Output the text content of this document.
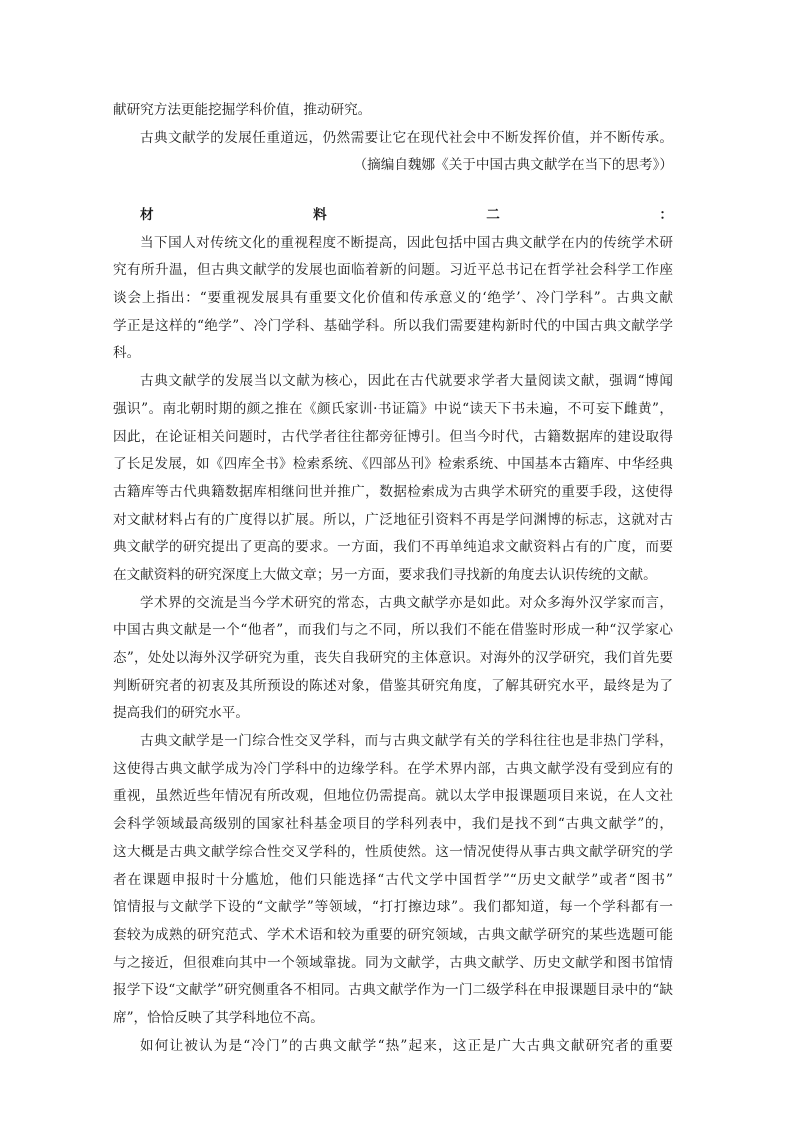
献研究方法更能挖掘学科价值，推动研究。
古典文献学的发展任重道远，仍然需要让它在现代社会中不断发挥价值，并不断传承。
（摘编自魏娜《关于中国古典文献学在当下的思考》）
材料二：
当下国人对传统文化的重视程度不断提高，因此包括中国古典文献学在内的传统学术研
究有所升温，但古典文献学的发展也面临着新的问题。习近平总书记在哲学社会科学工作座
谈会上指出：“要重视发展具有重要文化价值和传承意义的‘绝学’、冷门学科”。古典文献
学正是这样的“绝学”、冷门学科、基础学科。所以我们需要建构新时代的中国古典文献学学
科。
古典文献学的发展当以文献为核心，因此在古代就要求学者大量阅读文献，强调“博闻
强识”。南北朝时期的颜之推在《颜氏家训·书证篇》中说“读天下书未遍，不可妄下雌黄”，
因此，在论证相关问题时，古代学者往往都旁征博引。但当今时代，古籍数据库的建设取得
了长足发展，如《四库全书》检索系统、《四部丛刊》检索系统、中国基本古籍库、中华经典
古籍库等古代典籍数据库相继问世并推广，数据检索成为古典学术研究的重要手段，这使得
对文献材料占有的广度得以扩展。所以，广泛地征引资料不再是学问渊博的标志，这就对古
典文献学的研究提出了更高的要求。一方面，我们不再单纯追求文献资料占有的广度，而要
在文献资料的研究深度上大做文章；另一方面，要求我们寻找新的角度去认识传统的文献。
学术界的交流是当今学术研究的常态，古典文献学亦是如此。对众多海外汉学家而言，
中国古典文献是一个“他者”，而我们与之不同，所以我们不能在借鉴时形成一种“汉学家心
态”，处处以海外汉学研究为重，丧失自我研究的主体意识。对海外的汉学研究，我们首先要
判断研究者的初衷及其所预设的陈述对象，借鉴其研究角度，了解其研究水平，最终是为了
提高我们的研究水平。
古典文献学是一门综合性交叉学科，而与古典文献学有关的学科往往也是非热门学科，
这使得古典文献学成为冷门学科中的边缘学科。在学术界内部，古典文献学没有受到应有的
重视，虽然近些年情况有所改观，但地位仍需提高。就以太学申报课题项目来说，在人文社
会科学领域最高级别的国家社科基金项目的学科列表中，我们是找不到“古典文献学”的，
这大概是古典文献学综合性交叉学科的，性质使然。这一情况使得从事古典文献学研究的学
者在课题申报时十分尴尬，他们只能选择“古代文学中国哲学”“历史文献学”或者“图书”
馆情报与文献学下设的“文献学”等领域，“打打擦边球”。我们都知道，每一个学科都有一
套较为成熟的研究范式、学术术语和较为重要的研究领域，古典文献学研究的某些选题可能
与之接近，但很难向其中一个领域靠拢。同为文献学，古典文献学、历史文献学和图书馆情
报学下设“文献学”研究侧重各不相同。古典文献学作为一门二级学科在申报课题目录中的“缺
席”，恰恰反映了其学科地位不高。
如何让被认为是“冷门”的古典文献学“热”起来，这正是广大古典文献研究者的重要
